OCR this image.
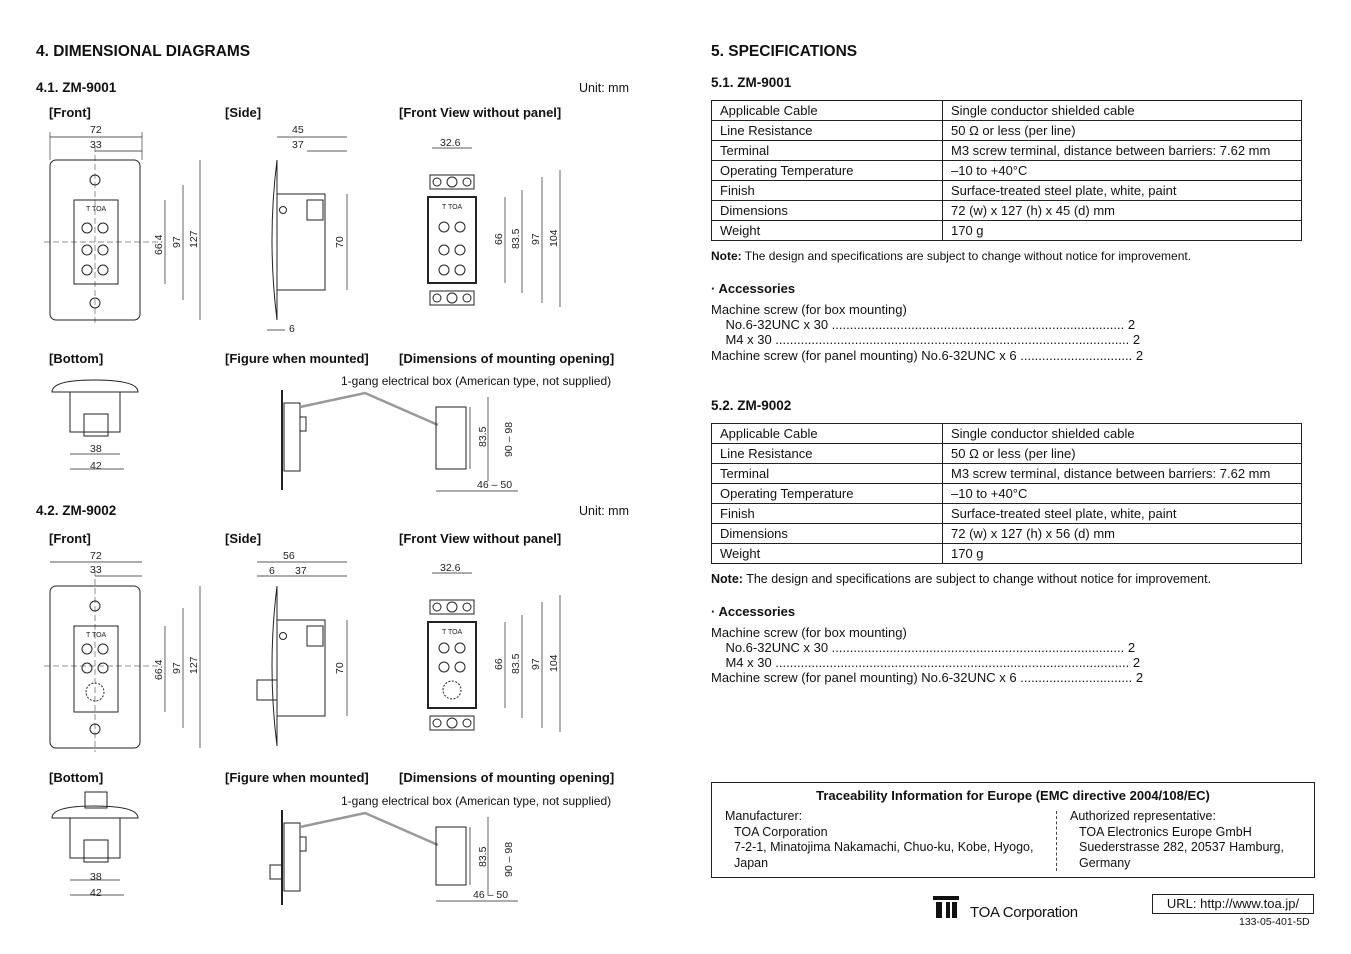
4. DIMENSIONAL DIAGRAMS
4.1. ZM-9001	Unit: mm
[Front]	[Side]	[Front View without panel]
[Bottom]	[Figure when mounted] [Dimensions of mounting opening]
1-gang electrical box (American type, not supplied)
T TOA
72
33
66.4 97 127
45
37
70
6
32.6
T TOA
66 83.5 97 104
38
42
83.5 90 – 98
46 – 50
4.2. ZM-9002	Unit: mm
[Front]	[Side]	[Front View without panel]
[Bottom]	[Figure when mounted] [Dimensions of mounting opening]
1-gang electrical box (American type, not supplied)
T TOA
72
33
66.4 97 127
56
6 37
70
32.6
T TOA
66 83.5 97 104
38
42
83.5 90 – 98
46 – 50
5. SPECIFICATIONS
5.1. ZM-9001
Applicable Cable	Single conductor shielded cable
Line Resistance	50 Ω or less (per line)
Terminal	M3 screw terminal, distance between barriers: 7.62 mm
Operating Temperature	–10 to +40°C
Finish	Surface-treated steel plate, white, paint
Dimensions	72 (w) x 127 (h) x 45 (d) mm
Weight	170 g
Note: The design and specifications are subject to change without notice for improvement.
· Accessories
Machine screw (for box mounting)
No.6-32UNC x 30 ................................................................................. 2
M4 x 30 .................................................................................................. 2
Machine screw (for panel mounting) No.6-32UNC x 6 ............................... 2
5.2. ZM-9002
Applicable Cable	Single conductor shielded cable
Line Resistance	50 Ω or less (per line)
Terminal	M3 screw terminal, distance between barriers: 7.62 mm
Operating Temperature	–10 to +40°C
Finish	Surface-treated steel plate, white, paint
Dimensions	72 (w) x 127 (h) x 56 (d) mm
Weight	170 g
Note: The design and specifications are subject to change without notice for improvement.
· Accessories
Machine screw (for box mounting)
No.6-32UNC x 30 ................................................................................. 2
M4 x 30 .................................................................................................. 2
Machine screw (for panel mounting) No.6-32UNC x 6 ............................... 2
Traceability Information for Europe (EMC directive 2004/108/EC)
Manufacturer:
TOA Corporation
7-2-1, Minatojima Nakamachi, Chuo-ku, Kobe, Hyogo,
Japan
Authorized representative:
TOA Electronics Europe GmbH
Suederstrasse 282, 20537 Hamburg,
Germany
TOA Corporation
URL: http://www.toa.jp/
133-05-401-5D
